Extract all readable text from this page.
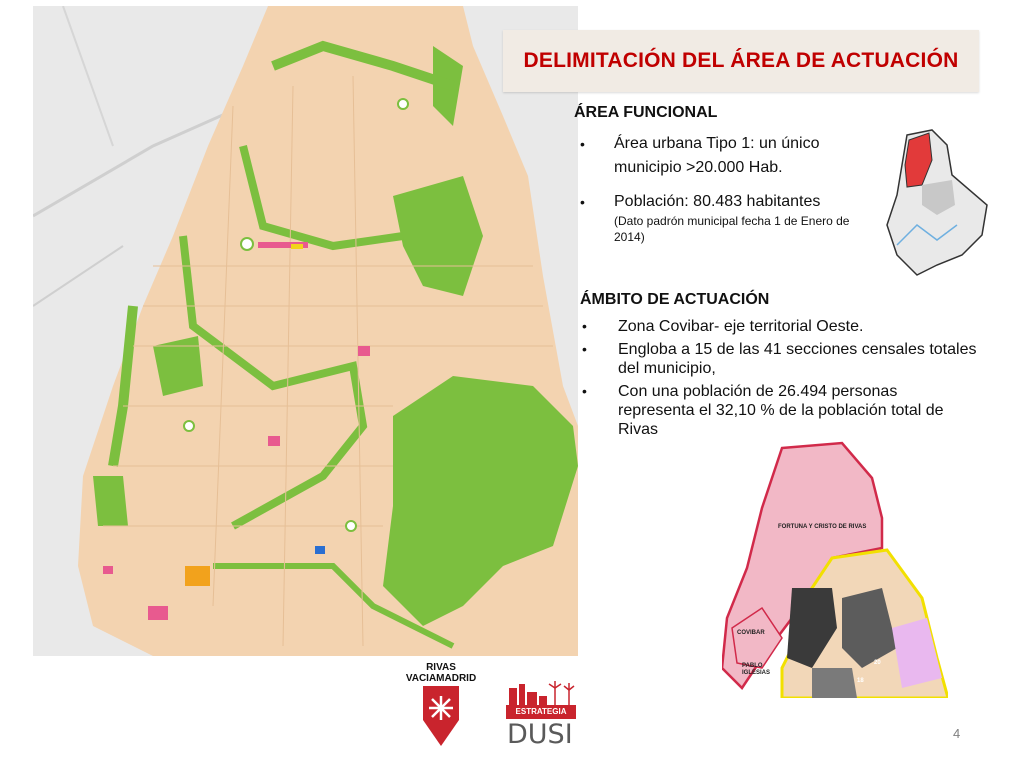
DELIMITACIÓN DEL ÁREA DE ACTUACIÓN
ÁREA FUNCIONAL
• Área urbana Tipo 1: un único municipio >20.000 Hab.
• Población: 80.483 habitantes
(Dato padrón municipal fecha 1 de Enero de 2014)
ÁMBITO DE ACTUACIÓN
• Zona Covibar- eje territorial Oeste.
• Engloba a 15 de las 41 secciones censales totales del municipio,
• Con una población de 26.494 personas representa el 32,10 % de la población total de Rivas
FORTUNA Y CRISTO DE RIVAS
COVIBAR
PABLO
IGLESIAS
18
20
RIVAS
VACIAMADRID
ESTRATEGIA
DUSI	4
